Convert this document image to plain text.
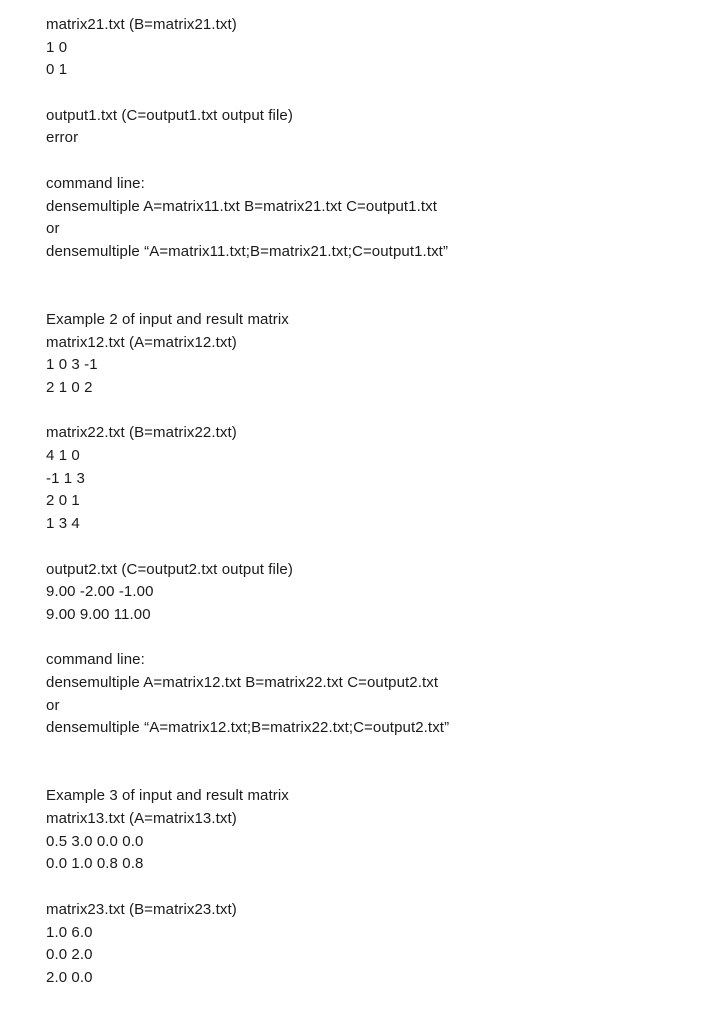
matrix21.txt (B=matrix21.txt)
1 0
0 1
output1.txt (C=output1.txt output file)
error
command line:
densemultiple A=matrix11.txt B=matrix21.txt C=output1.txt
or
densemultiple “A=matrix11.txt;B=matrix21.txt;C=output1.txt”
Example 2 of input and result matrix
matrix12.txt (A=matrix12.txt)
1 0 3 -1
2 1 0 2
matrix22.txt (B=matrix22.txt)
4 1 0
-1 1 3
2 0 1
1 3 4
output2.txt (C=output2.txt output file)
9.00 -2.00 -1.00
9.00 9.00 11.00
command line:
densemultiple A=matrix12.txt B=matrix22.txt C=output2.txt
or
densemultiple “A=matrix12.txt;B=matrix22.txt;C=output2.txt”
Example 3 of input and result matrix
matrix13.txt (A=matrix13.txt)
0.5 3.0 0.0 0.0
0.0 1.0 0.8 0.8
matrix23.txt (B=matrix23.txt)
1.0 6.0
0.0 2.0
2.0 0.0
